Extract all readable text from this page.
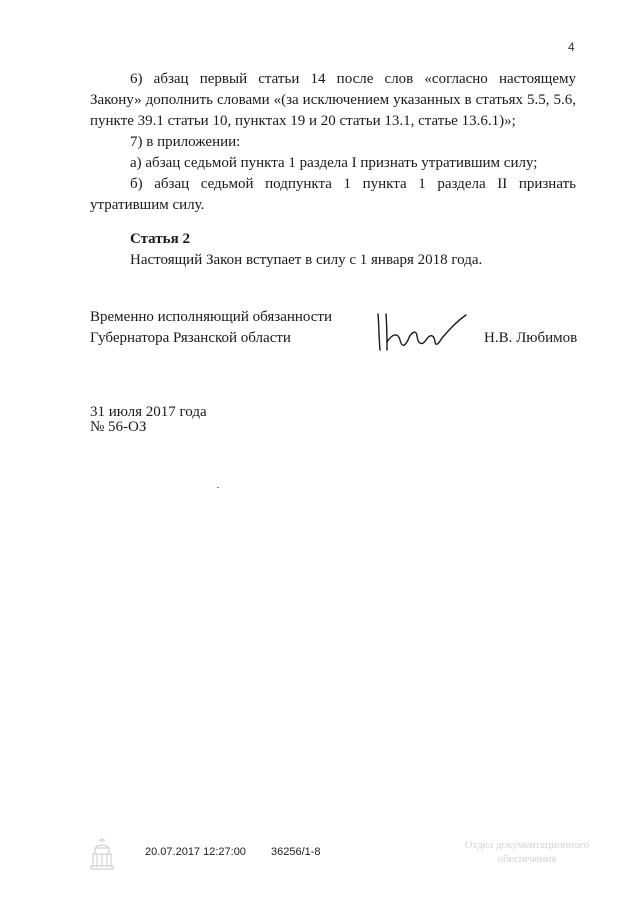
4
6) абзац первый статьи 14 после слов «согласно настоящему
Закону» дополнить словами «(за исключением указанных в статьях 5.5, 5.6,
пункте 39.1 статьи 10, пунктах 19 и 20 статьи 13.1, статье 13.6.1)»;
7) в приложении:
а) абзац седьмой пункта 1 раздела I признать утратившим силу;
б) абзац седьмой подпункта 1 пункта 1 раздела II признать
утратившим силу.
Статья 2
Настоящий Закон вступает в силу с 1 января 2018 года.
Временно исполняющий обязанности
Губернатора Рязанской области	Н.В. Любимов
31 июля 2017 года
№ 56-ОЗ
20.07.2017 12:27:00 36256/1-8
Отдел документационного
обеспечения
